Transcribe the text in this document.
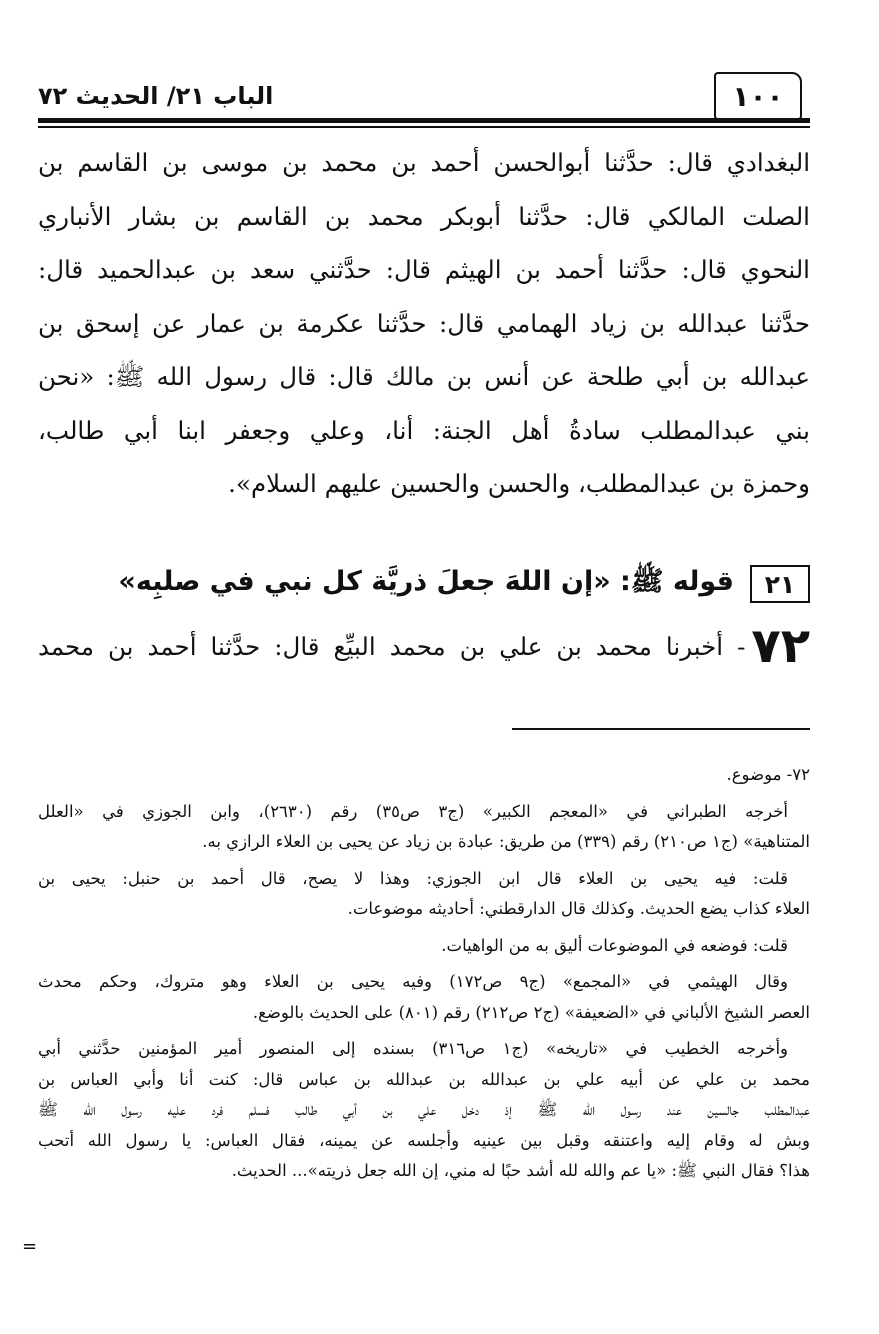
١٠٠
الباب ٢١/ الحديث ٧٢
البغدادي قال: حدَّثنا أبوالحسن أحمد بن محمد بن موسى بن القاسم بن
الصلت المالكي قال: حدَّثنا أبوبكر محمد بن القاسم بن بشار الأنباري
النحوي قال: حدَّثنا أحمد بن الهيثم قال: حدَّثني سعد بن عبدالحميد قال:
حدَّثنا عبدالله بن زياد الهمامي قال: حدَّثنا عكرمة بن عمار عن إسحق بن
عبدالله بن أبي طلحة عن أنس بن مالك قال: قال رسول الله ﷺ: «نحن
بني عبدالمطلب سادةُ أهل الجنة: أنا، وعلي وجعفر ابنا أبي طالب،
وحمزة بن عبدالمطلب، والحسن والحسين عليهم السلام».
٢١
قوله ﷺ: «إن اللهَ جعلَ ذريَّة كل نبي في صلبِه»
٧٢
- أخبرنا محمد بن علي بن محمد البيِّع قال: حدَّثنا أحمد بن محمد
٧٢- موضوع.
أخرجه الطبراني في «المعجم الكبير» (ج٣ ص٣٥) رقم (٢٦٣٠)، وابن الجوزي في «العلل
المتناهية» (ج١ ص٢١٠) رقم (٣٣٩) من طريق: عبادة بن زياد عن يحيى بن العلاء الرازي به.
قلت: فيه يحيى بن العلاء قال ابن الجوزي: وهذا لا يصح، قال أحمد بن حنبل: يحيى بن
العلاء كذاب يضع الحديث. وكذلك قال الدارقطني: أحاديثه موضوعات.
قلت: فوضعه في الموضوعات أليق به من الواهيات.
وقال الهيثمي في «المجمع» (ج٩ ص١٧٢) وفيه يحيى بن العلاء وهو متروك، وحكم محدث
العصر الشيخ الألباني في «الضعيفة» (ج٢ ص٢١٢) رقم (٨٠١) على الحديث بالوضع.
وأخرجه الخطيب في «تاريخه» (ج١ ص٣١٦) بسنده إلى المنصور أمير المؤمنين حدَّثني أبي
محمد بن علي عن أبيه علي بن عبدالله بن عبدالله بن عباس قال: كنت أنا وأبي العباس بن
عبدالمطلب جالسين عند رسول الله ﷺ إذ دخل علي بن أبي طالب فسلم فرد عليه رسول الله ﷺ
وبش له وقام إليه واعتنقه وقبل بين عينيه وأجلسه عن يمينه، فقال العباس: يا رسول الله أتحب
هذا؟ فقال النبي ﷺ: «يا عم والله لله أشد حبًا له مني، إن الله جعل ذريته»... الحديث.
=
